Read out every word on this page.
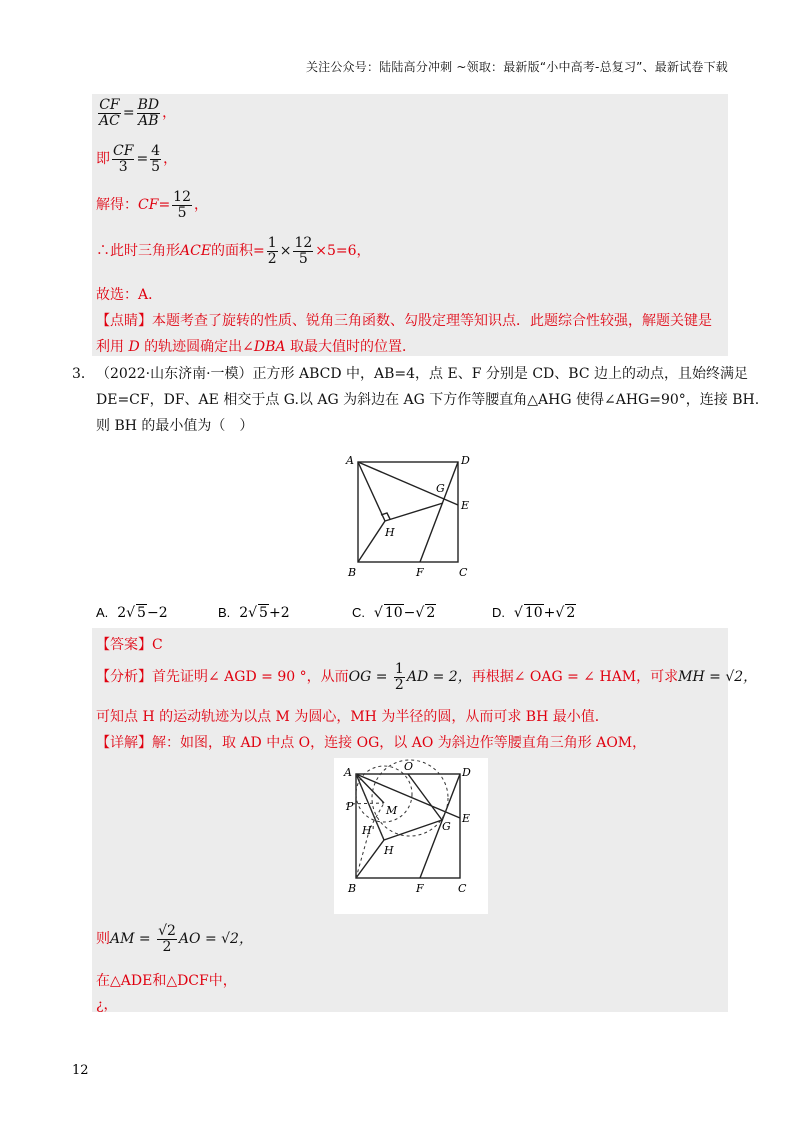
关注公众号：陆陆高分冲刺 ~领取：最新版“小中高考-总复习”、最新试卷下载
$\frac{CF}{AC} = \frac{BD}{AB}$ ，
即 $\frac{CF}{3} = \frac{4}{5}$ ，
解得：$CF= \frac{12}{5}$ ，
∴此时三角形ACE的面积= $\frac{1}{2} \times \frac{12}{5} \times 5=6$，
故选：A．
【点睛】本题考查了旋转的性质、锐角三角函数、勾股定理等知识点．此题综合性较强，解题关键是
利用 D 的轨迹圆确定出∠DBA 取最大值时的位置．
3． （2022·山东济南·一模）正方形 ABCD 中，AB=4，点 E、F 分别是 CD、BC 边上的动点，且始终满足
DE=CF，DF、AE 相交于点 G.以 AG 为斜边在 AG 下方作等腰直角△AHG 使得∠AHG=90°，连接 BH.
则 BH 的最小值为（　）
A	D
G
E
H
B	F	C
A. 2√ 5−2	B. 2√ 5+2	C.  √ 10−√ 2	D.  √ 10+√ 2
【答案】C
【分析】首先证明∠ AGD = 90 °，从而OG = $\frac{1}{2}$ AD = 2，再根据∠ OAG = ∠ HAM，可求MH = √2，
可知点 H 的运动轨迹为以点 M 为圆心，MH 为半径的圆，从而可求 BH 最小值．
【详解】解：如图，取 AD 中点 O，连接 OG，以 AO 为斜边作等腰直角三角形 AOM，
A	O	D
P	M
H'	G
E
H
B	F	C
则AM = $\frac{√2}{2}$ AO = √2，
在△ADE和△DCF中，
¿，
12
